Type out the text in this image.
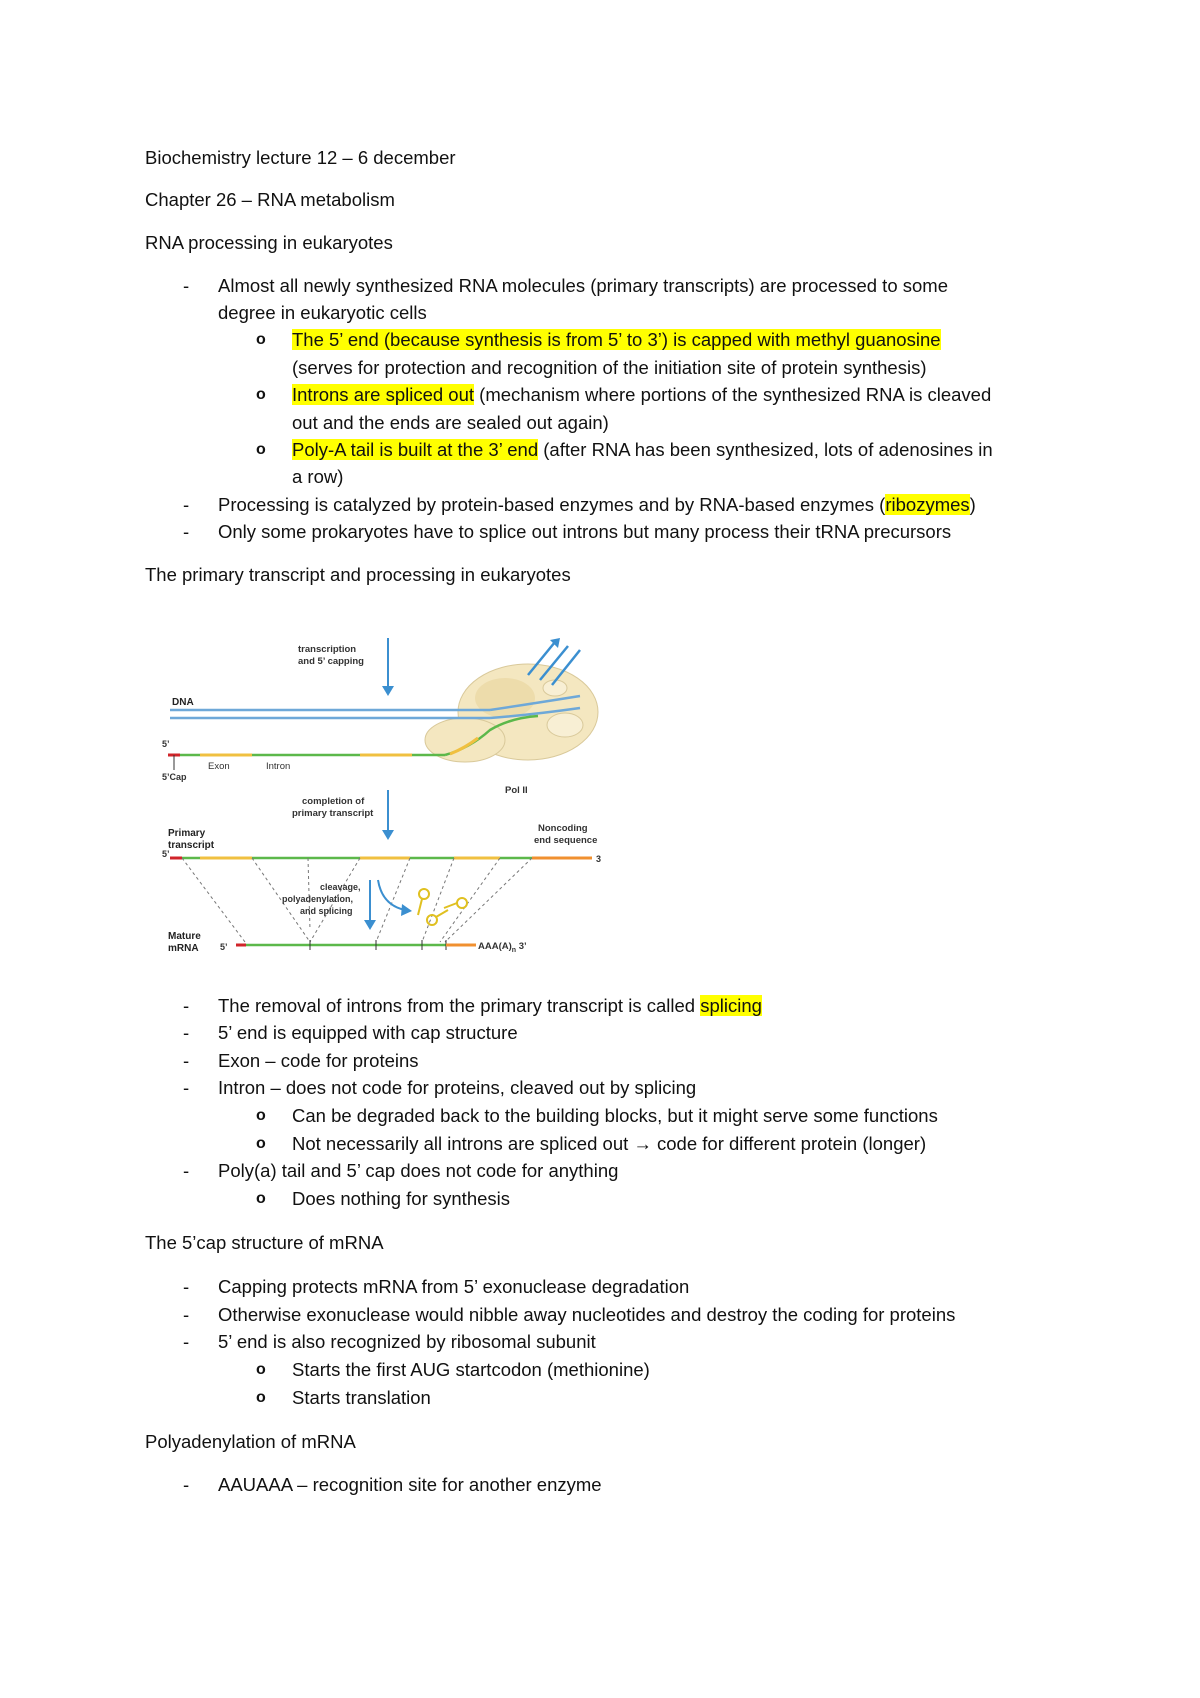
Biochemistry lecture 12 – 6 december
Chapter 26 – RNA metabolism
RNA processing in eukaryotes
- Almost all newly synthesized RNA molecules (primary transcripts) are processed to some
degree in eukaryotic cells
o The 5’ end (because synthesis is from 5’ to 3’) is capped with methyl guanosine
(serves for protection and recognition of the initiation site of protein synthesis)
o Introns are spliced out (mechanism where portions of the synthesized RNA is cleaved
out and the ends are sealed out again)
o Poly-A tail is built at the 3’ end (after RNA has been synthesized, lots of adenosines in
a row)
- Processing is catalyzed by protein-based enzymes and by RNA-based enzymes (ribozymes)
- Only some prokaryotes have to splice out introns but many process their tRNA precursors
The primary transcript and processing in eukaryotes
DNA
transcription
and 5’ capping
5’
5’Cap
Exon	Intron
Pol II
completion of
primary transcript
Primary
transcript
5’
Noncoding
end sequence
3
cleavage,
polyadenylation,
and splicing
Mature
mRNA 5’	$AAA(A)_n$ 3’
- The removal of introns from the primary transcript is called splicing
- 5’ end is equipped with cap structure
- Exon – code for proteins
- Intron – does not code for proteins, cleaved out by splicing
o Can be degraded back to the building blocks, but it might serve some functions
o Not necessarily all introns are spliced out → code for different protein (longer)
- Poly(a) tail and 5’ cap does not code for anything
o Does nothing for synthesis
The 5’cap structure of mRNA
- Capping protects mRNA from 5’ exonuclease degradation
- Otherwise exonuclease would nibble away nucleotides and destroy the coding for proteins
- 5’ end is also recognized by ribosomal subunit
o Starts the first AUG startcodon (methionine)
o Starts translation
Polyadenylation of mRNA
- AAUAAA – recognition site for another enzyme
